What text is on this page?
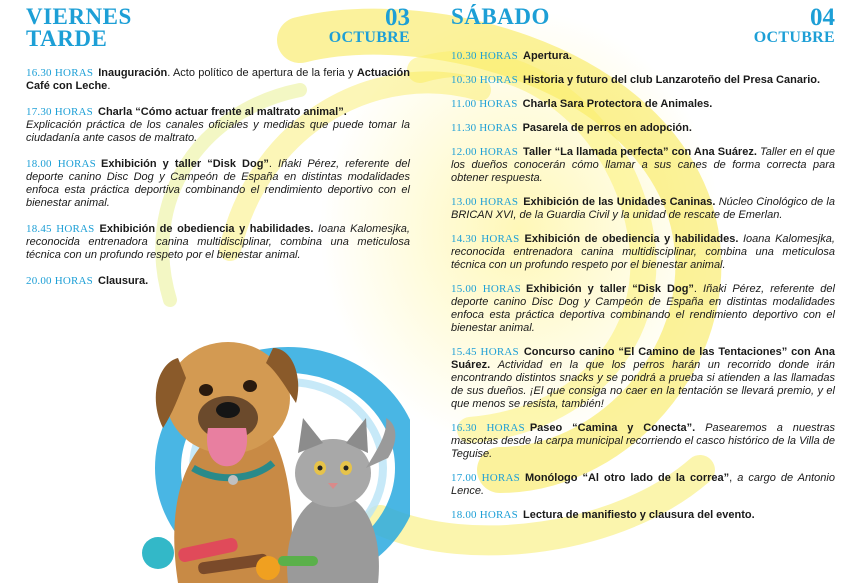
VIERNES
TARDE
03
OCTUBRE

16.30 HORAS Inauguración. Acto político de apertura de la feria y Actuación Café con Leche.

17.30 HORAS Charla “Cómo actuar frente al maltrato animal”.
Explicación práctica de los canales oficiales y medidas que puede tomar la ciudadanía ante casos de maltrato.

18.00 HORAS Exhibición y taller “Disk Dog”. Iñaki Pérez, referente del deporte canino Disc Dog y Campeón de España en distintas modalidades enfoca esta práctica deportiva combinando el rendimiento deportivo con el bienestar animal.

18.45 HORAS Exhibición de obediencia y habilidades. Ioana Kalomesjka, reconocida entrenadora canina multidisciplinar, combina una meticulosa técnica con un profundo respeto por el bienestar animal.

20.00 HORAS Clausura.

SÁBADO	04
OCTUBRE

10.30 HORAS Apertura.

10.30 HORAS Historia y futuro del club Lanzaroteño del Presa Canario.

11.00 HORAS Charla Sara Protectora de Animales.

11.30 HORAS Pasarela de perros en adopción.

12.00 HORAS Taller “La llamada perfecta” con Ana Suárez. Taller en el que los dueños conocerán cómo llamar a sus canes de forma correcta para obtener respuesta.

13.00 HORAS Exhibición de las Unidades Caninas. Núcleo Cinológico de la BRICAN XVI, de la Guardia Civil y la unidad de rescate de Emerlan.

14.30 HORAS Exhibición de obediencia y habilidades. Ioana Kalomesjka, reconocida entrenadora canina multidisciplinar, combina una meticulosa técnica con un profundo respeto por el bienestar animal.

15.00 HORAS Exhibición y taller “Disk Dog”. Iñaki Pérez, referente del deporte canino Disc Dog y Campeón de España en distintas modalidades enfoca esta práctica deportiva combinando el rendimiento deportivo con el bienestar animal.

15.45 HORAS Concurso canino “El Camino de las Tentaciones” con Ana Suárez. Actividad en la que los perros harán un recorrido donde irán encontrando distintos snacks y se pondrá a prueba si atienden a las llamadas de sus dueños. ¡El que consiga no caer en la tentación se llevará premio, y el que menos se resista, también!

16.30 HORAS Paseo “Camina y Conecta”. Pasearemos a nuestras mascotas desde la carpa municipal recorriendo el casco histórico de la Villa de Teguise.

17.00 HORAS Monólogo “Al otro lado de la correa”, a cargo de Antonio Lence.

18.00 HORAS Lectura de manifiesto y clausura del evento.
